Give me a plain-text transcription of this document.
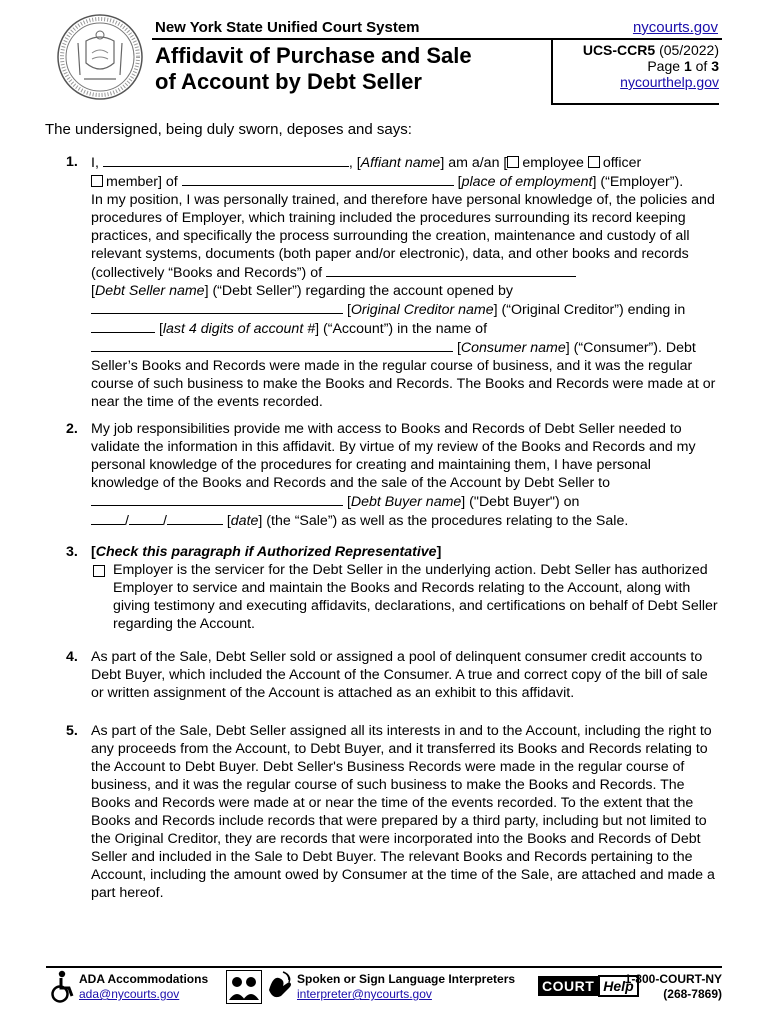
New York State Unified Court System	nycourts.gov
Affidavit of Purchase and Sale
of Account by Debt Seller
UCS-CCR5 (05/2022)
Page 1 of 3
nycourthelp.gov
The undersigned, being duly sworn, deposes and says:
1. I,	, [Affiant name] am a/an [ employee officer
member] of	[place of employment] (“Employer”).
In my position, I was personally trained, and therefore have personal knowledge of, the policies and procedures of Employer, which training included the procedures surrounding its record keeping practices, and specifically the process surrounding the creation, maintenance and custody of all relevant systems, documents (both paper and/or electronic), data, and other books and records (collectively “Books and Records”) of
[Debt Seller name] (“Debt Seller”) regarding the account opened by
[Original Creditor name] (“Original Creditor”) ending in
[last 4 digits of account #] (“Account”) in the name of
[Consumer name] (“Consumer”). Debt Seller’s Books and Records were made in the regular course of business, and it was the regular course of such business to make the Books and Records. The Books and Records were made at or near the time of the events recorded.
2. My job responsibilities provide me with access to Books and Records of Debt Seller needed to validate the information in this affidavit. By virtue of my review of the Books and Records and my personal knowledge of the procedures for creating and maintaining them, I have personal knowledge of the Books and Records and the sale of the Account by Debt Seller to
[Debt Buyer name] ("Debt Buyer") on
/ /	[date] (the “Sale”) as well as the procedures relating to the Sale.
3. [Check this paragraph if Authorized Representative]
Employer is the servicer for the Debt Seller in the underlying action. Debt Seller has authorized Employer to service and maintain the Books and Records relating to the Account, along with giving testimony and executing affidavits, declarations, and certifications on behalf of Debt Seller regarding the Account.
4. As part of the Sale, Debt Seller sold or assigned a pool of delinquent consumer credit accounts to Debt Buyer, which included the Account of the Consumer. A true and correct copy of the bill of sale or written assignment of the Account is attached as an exhibit to this affidavit.
5. As part of the Sale, Debt Seller assigned all its interests in and to the Account, including the right to any proceeds from the Account, to Debt Buyer, and it transferred its Books and Records relating to the Account to Debt Buyer. Debt Seller's Business Records were made in the regular course of business, and it was the regular course of such business to make the Books and Records. The Books and Records were made at or near the time of the events recorded. To the extent that the Books and Records include records that were prepared by a third party, including but not limited to the Original Creditor, they are records that were incorporated into the Books and Records of Debt Seller and included in the Sale to Debt Buyer. The relevant Books and Records pertaining to the Account, including the amount owed by Consumer at the time of the Sale, are attached and made a part hereof.
ADA Accommodations
ada@nycourts.gov
Spoken or Sign Language Interpreters
interpreter@nycourts.gov	COURT Help
1-800-COURT-NY
(268-7869)
